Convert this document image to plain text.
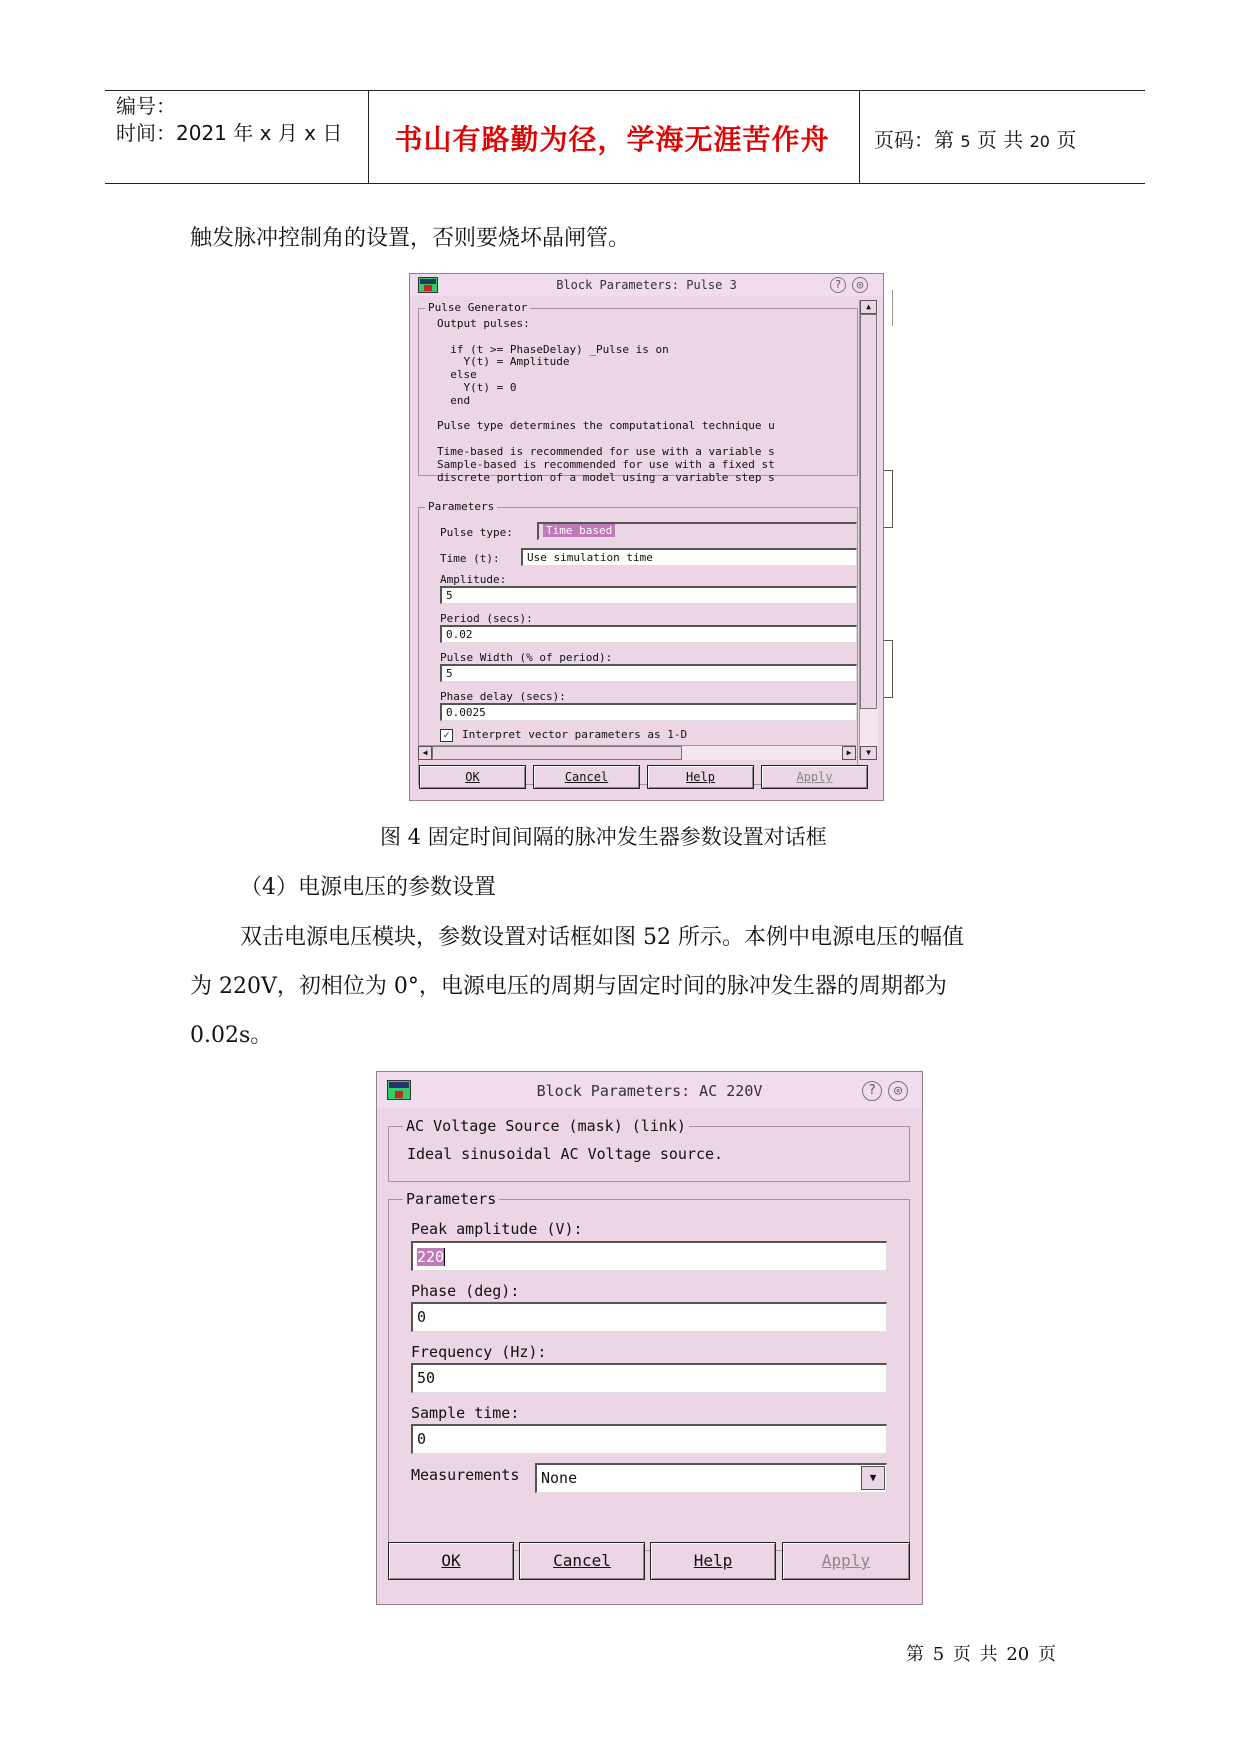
编号：
时间：2021 年 x 月 x 日	书山有路勤为径，学海无涯苦作舟	页码：第 5 页 共 20 页
触发脉冲控制角的设置，否则要烧坏晶闸管。
Block Parameters: Pulse 3	?	◎
Pulse Generator
Output pulses:
if (t >= PhaseDelay) _Pulse is on
Y(t) = Amplitude
else
Y(t) = 0
end
Pulse type determines the computational technique u
Time-based is recommended for use with a variable s
Sample-based is recommended for use with a fixed st
discrete portion of a model using a variable step s
Parameters
Pulse type:	Time based
Time (t):	Use simulation time
Amplitude:
5
Period (secs):
0.02
Pulse Width (% of period):
5
Phase delay (secs):
0.0025
✓	Interpret vector parameters as 1-D
▲
▼
◀	▶
OK	Cancel	Help	Apply
图 4 固定时间间隔的脉冲发生器参数设置对话框
（4）电源电压的参数设置
双击电源电压模块，参数设置对话框如图 52 所示。本例中电源电压的幅值
为 220V，初相位为 0°，电源电压的周期与固定时间的脉冲发生器的周期都为
0.02s。
Block Parameters: AC 220V	?	◎
AC Voltage Source (mask) (link)
Ideal sinusoidal AC Voltage source.
Parameters
Peak amplitude (V):
220
Phase (deg):
0
Frequency (Hz):
50
Sample time:
0
Measurements	None	▼
OK	Cancel	Help	Apply
第 5 页 共 20 页
